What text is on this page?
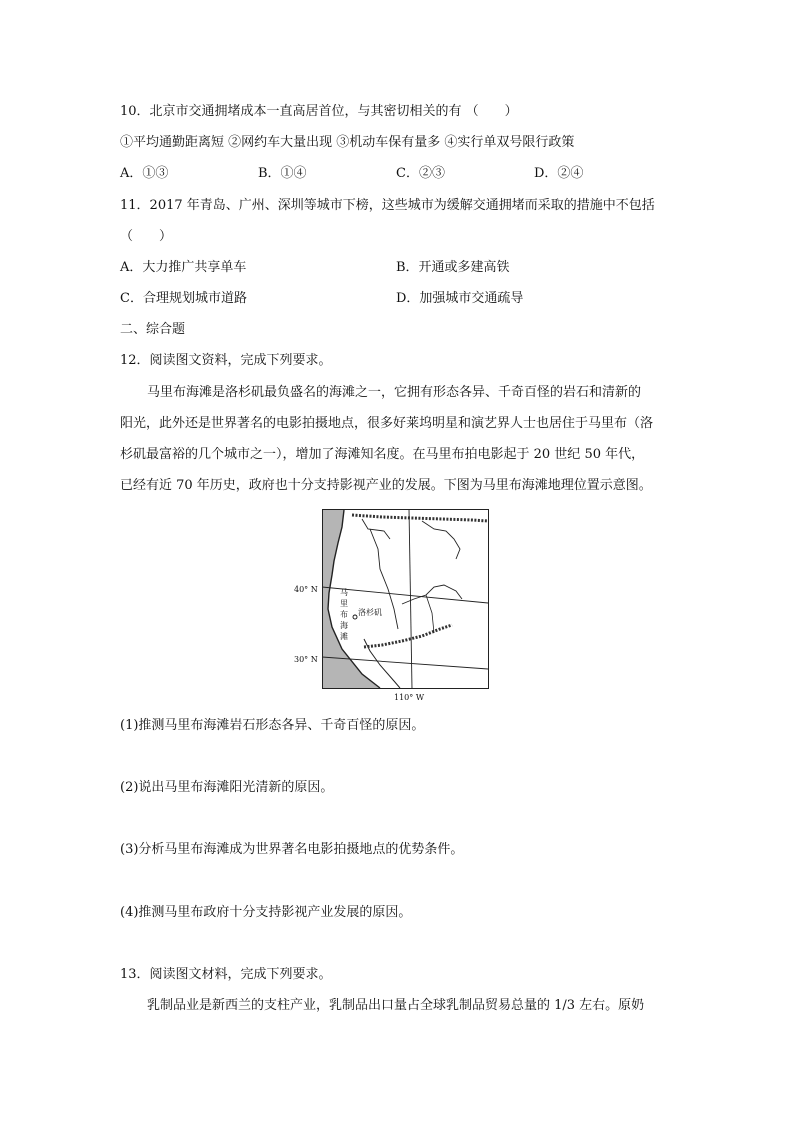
10．北京市交通拥堵成本一直高居首位，与其密切相关的有 （　　）
①平均通勤距离短 ②网约车大量出现 ③机动车保有量多 ④实行单双号限行政策
A．①③	B．①④	C．②③	D．②④
11．2017 年青岛、广州、深圳等城市下榜，这些城市为缓解交通拥堵而采取的措施中不包括
（　　）
A．大力推广共享单车	B．开通或多建高铁
C．合理规划城市道路	D．加强城市交通疏导
二、综合题
12．阅读图文资料，完成下列要求。
马里布海滩是洛杉矶最负盛名的海滩之一，它拥有形态各异、千奇百怪的岩石和清新的
阳光，此外还是世界著名的电影拍摄地点，很多好莱坞明星和演艺界人士也居住于马里布（洛
杉矶最富裕的几个城市之一），增加了海滩知名度。在马里布拍电影起于 20 世纪 50 年代，
已经有近 70 年历史，政府也十分支持影视产业的发展。下图为马里布海滩地理位置示意图。
40° N
30° N
110° W
洛杉矶
马
里
布
海
滩
(1)推测马里布海滩岩石形态各异、千奇百怪的原因。
(2)说出马里布海滩阳光清新的原因。
(3)分析马里布海滩成为世界著名电影拍摄地点的优势条件。
(4)推测马里布政府十分支持影视产业发展的原因。
13．阅读图文材料，完成下列要求。
乳制品业是新西兰的支柱产业，乳制品出口量占全球乳制品贸易总量的 1/3 左右。原奶
